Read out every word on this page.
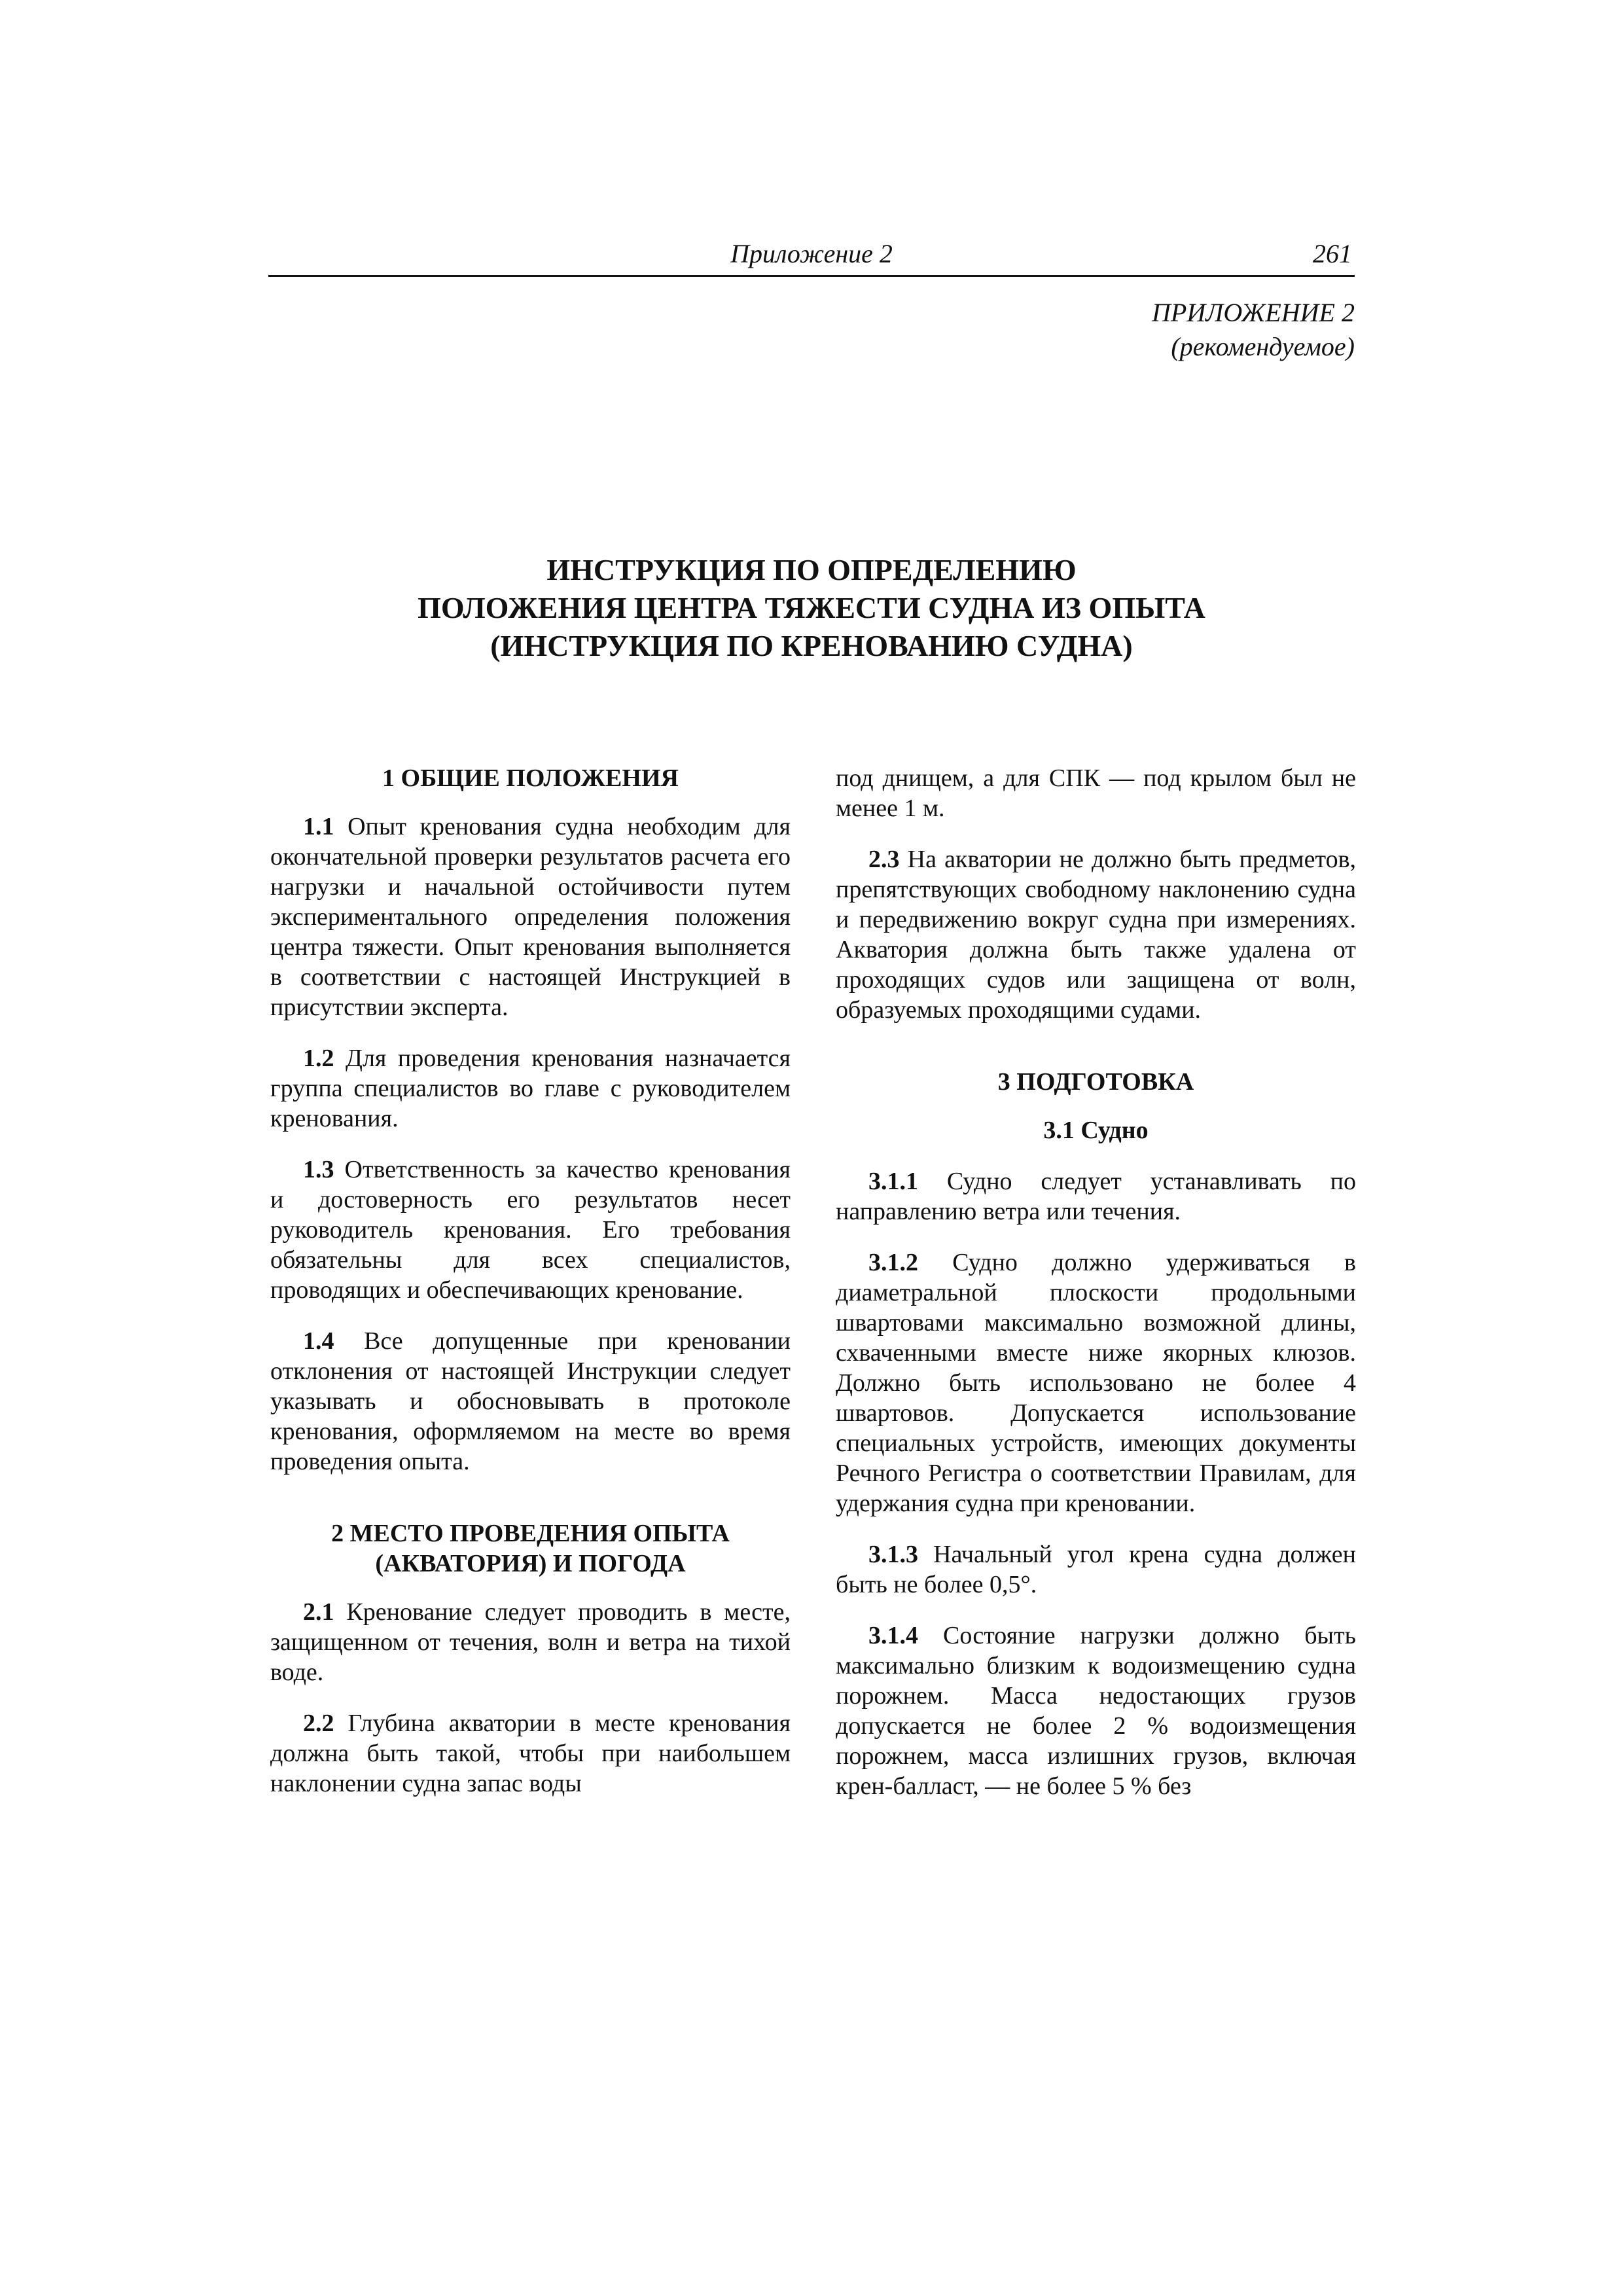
Приложение 2	261
ПРИЛОЖЕНИЕ 2
(рекомендуемое)
ИНСТРУКЦИЯ ПО ОПРЕДЕЛЕНИЮ
ПОЛОЖЕНИЯ ЦЕНТРА ТЯЖЕСТИ СУДНА ИЗ ОПЫТА
(ИНСТРУКЦИЯ ПО КРЕНОВАНИЮ СУДНА)
1 ОБЩИЕ ПОЛОЖЕНИЯ

1.1 Опыт кренования судна необходим для окончательной проверки результатов расчета его нагрузки и начальной остойчивости путем экспериментального определения положения центра тяжести. Опыт кренования выполняется в соответствии с настоящей Инструкцией в присутствии эксперта.

1.2 Для проведения кренования назначается группа специалистов во главе с руководителем кренования.

1.3 Ответственность за качество кренования и достоверность его результатов несет руководитель кренования. Его требования обязательны для всех специалистов, проводящих и обеспечивающих кренование.

1.4 Все допущенные при креновании отклонения от настоящей Инструкции следует указывать и обосновывать в протоколе кренования, оформляемом на месте во время проведения опыта.

2 МЕСТО ПРОВЕДЕНИЯ ОПЫТА
(АКВАТОРИЯ) И ПОГОДА

2.1 Кренование следует проводить в месте, защищенном от течения, волн и ветра на тихой воде.

2.2 Глубина акватории в месте кренования должна быть такой, чтобы при наибольшем наклонении судна запас воды

под днищем, а для СПК — под крылом был не менее 1 м.

2.3 На акватории не должно быть предметов, препятствующих свободному наклонению судна и передвижению вокруг судна при измерениях. Акватория должна быть также удалена от проходящих судов или защищена от волн, образуемых проходящими судами.

3 ПОДГОТОВКА
3.1 Судно

3.1.1 Судно следует устанавливать по направлению ветра или течения.

3.1.2 Судно должно удерживаться в диаметральной плоскости продольными швартовами максимально возможной длины, схваченными вместе ниже якорных клюзов. Должно быть использовано не более 4 швартовов. Допускается использование специальных устройств, имеющих документы Речного Регистра о соответствии Правилам, для удержания судна при креновании.

3.1.3 Начальный угол крена судна должен быть не более 0,5°.

3.1.4 Состояние нагрузки должно быть максимально близким к водоизмещению судна порожнем. Масса недостающих грузов допускается не более 2 % водоизмещения порожнем, масса излишних грузов, включая крен-балласт, — не более 5 % без
